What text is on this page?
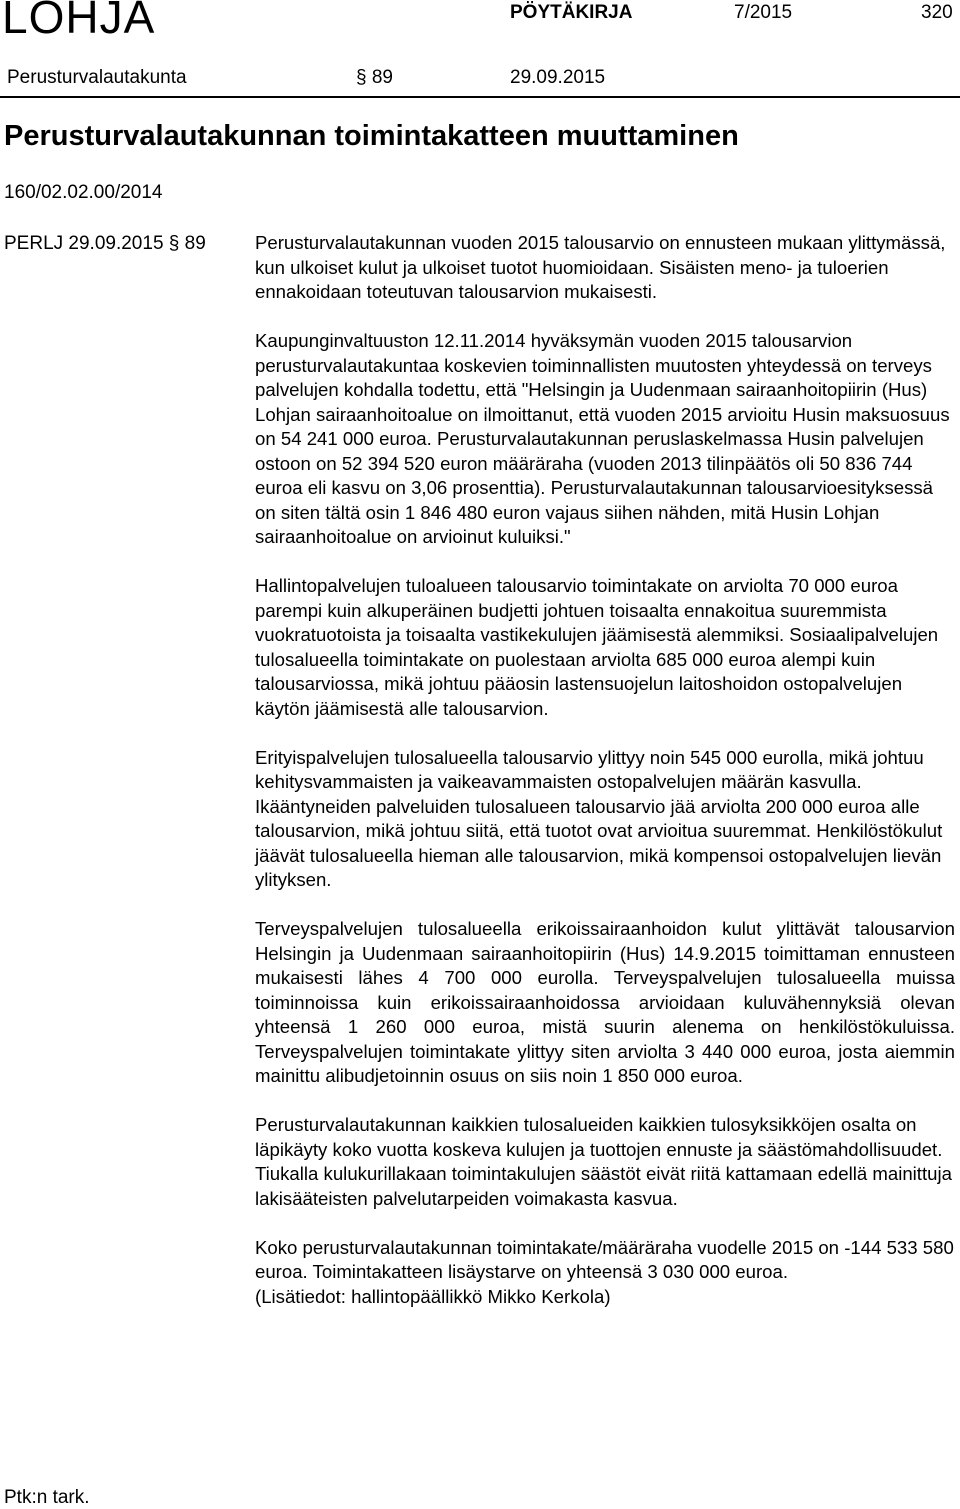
LOHJA	PÖYTÄKIRJA	7/2015	320
Perusturvalautakunta	§ 89	29.09.2015
Perusturvalautakunnan toimintakatteen muuttaminen
160/02.02.00/2014
PERLJ 29.09.2015 § 89	Perusturvalautakunnan vuoden 2015 talousarvio on ennusteen mukaan ylittymässä, kun ulkoiset kulut ja ulkoiset tuotot huomioidaan. Sisäisten meno- ja tuloerien ennakoidaan toteutuvan talousarvion mukaisesti.

Kaupunginvaltuuston 12.11.2014 hyväksymän vuoden 2015 talousarvion perusturvalautakuntaa koskevien toiminnallisten muutosten yhteydessä on terveys palvelujen kohdalla todettu, että "Helsingin ja Uudenmaan sairaanhoitopiirin (Hus) Lohjan sairaanhoitoalue on ilmoittanut, että vuoden 2015 arvioitu Husin maksuosuus on 54 241 000 euroa. Perusturvalautakunnan peruslaskelmassa Husin palvelujen ostoon on 52 394 520 euron määräraha (vuoden 2013 tilinpäätös oli 50 836 744 euroa eli kasvu on 3,06 prosenttia). Perusturvalautakunnan talousarvioesityksessä on siten tältä osin 1 846 480 euron vajaus siihen nähden, mitä Husin Lohjan sairaanhoitoalue on arvioinut kuluiksi."

Hallintopalvelujen tuloalueen talousarvio toimintakate on arviolta 70 000 euroa parempi kuin alkuperäinen budjetti johtuen toisaalta ennakoitua suuremmista vuokratuotoista ja toisaalta vastikekulujen jäämisestä alemmiksi. Sosiaalipalvelujen tulosalueella toimintakate on puolestaan arviolta 685 000 euroa alempi kuin talousarviossa, mikä johtuu pääosin lastensuojelun laitoshoidon ostopalvelujen käytön jäämisestä alle talousarvion.

Erityispalvelujen tulosalueella talousarvio ylittyy noin 545 000 eurolla, mikä johtuu kehitysvammaisten ja vaikeavammaisten ostopalvelujen määrän kasvulla. Ikääntyneiden palveluiden tulosalueen talousarvio jää arviolta 200 000 euroa alle talousarvion, mikä johtuu siitä, että tuotot ovat arvioitua suuremmat. Henkilöstökulut jäävät tulosalueella hieman alle talousarvion, mikä kompensoi ostopalvelujen lievän ylityksen.

Terveyspalvelujen tulosalueella erikoissairaanhoidon kulut ylittävät talousarvion Helsingin ja Uudenmaan sairaanhoitopiirin (Hus) 14.9.2015 toimittaman ennusteen mukaisesti lähes 4 700 000 eurolla. Terveyspalvelujen tulosalueella muissa toiminnoissa kuin erikoissairaanhoidossa arvioidaan kuluvähennyksiä olevan yhteensä 1 260 000 euroa, mistä suurin alenema on henkilöstökuluissa. Terveyspalvelujen toimintakate ylittyy siten arviolta 3 440 000 euroa, josta aiemmin mainittu alibudjetoinnin osuus on siis noin 1 850 000 euroa.

Perusturvalautakunnan kaikkien tulosalueiden kaikkien tulosyksikköjen osalta on läpikäyty koko vuotta koskeva kulujen ja tuottojen ennuste ja säästömahdollisuudet. Tiukalla kulukurillakaan toimintakulujen säästöt eivät riitä kattamaan edellä mainittuja lakisääteisten palvelutarpeiden voimakasta kasvua.

Koko perusturvalautakunnan toimintakate/määräraha vuodelle 2015 on -144 533 580 euroa. Toimintakatteen lisäystarve on yhteensä 3 030 000 euroa.

(Lisätiedot: hallintopäällikkö Mikko Kerkola)

Ptk:n tark.
